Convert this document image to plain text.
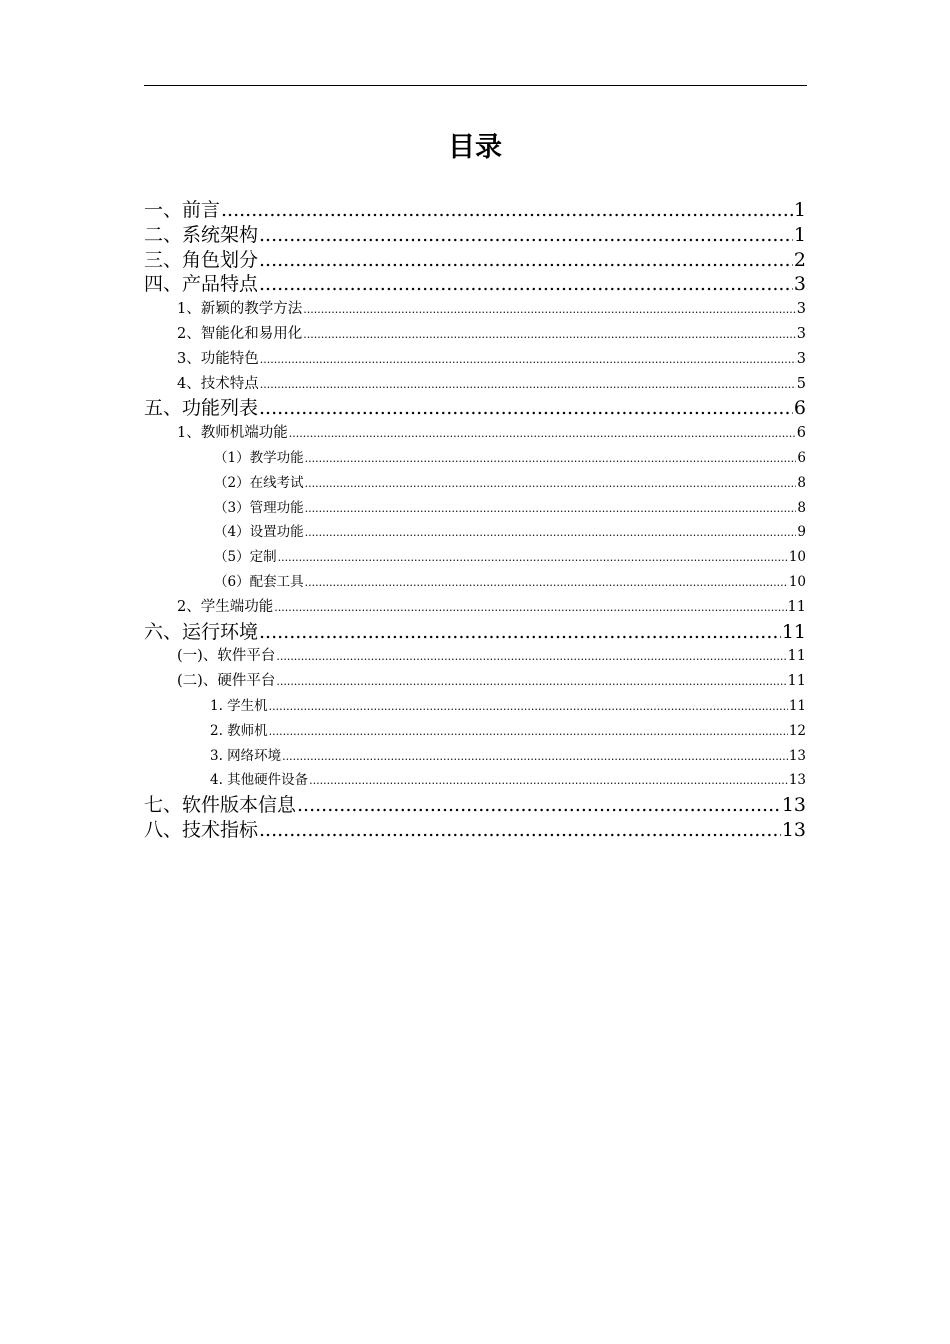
目录
一、前言 .....	1
二、系统架构 .....	1
三、角色划分 .....	2
四、产品特点 .....	3
1、新颖的教学方法 .....	3
2、智能化和易用化 .....	3
3、功能特色 .....	3
4、技术特点 .....	5
五、功能列表 .....	6
1、教师机端功能 .....	6
（1）教学功能 .....	6
（2）在线考试 .....	8
（3）管理功能 .....	8
（4）设置功能 .....	9
（5）定制 .....	10
（6）配套工具 .....	10
2、学生端功能 .....	11
六、运行环境 .....	11
(一)、软件平台 .....	11
(二)、硬件平台 .....	11
1. 学生机 .....	11
2. 教师机 .....	12
3. 网络环境 .....	13
4. 其他硬件设备 .....	13
七、软件版本信息 .....	13
八、技术指标 .....	13
